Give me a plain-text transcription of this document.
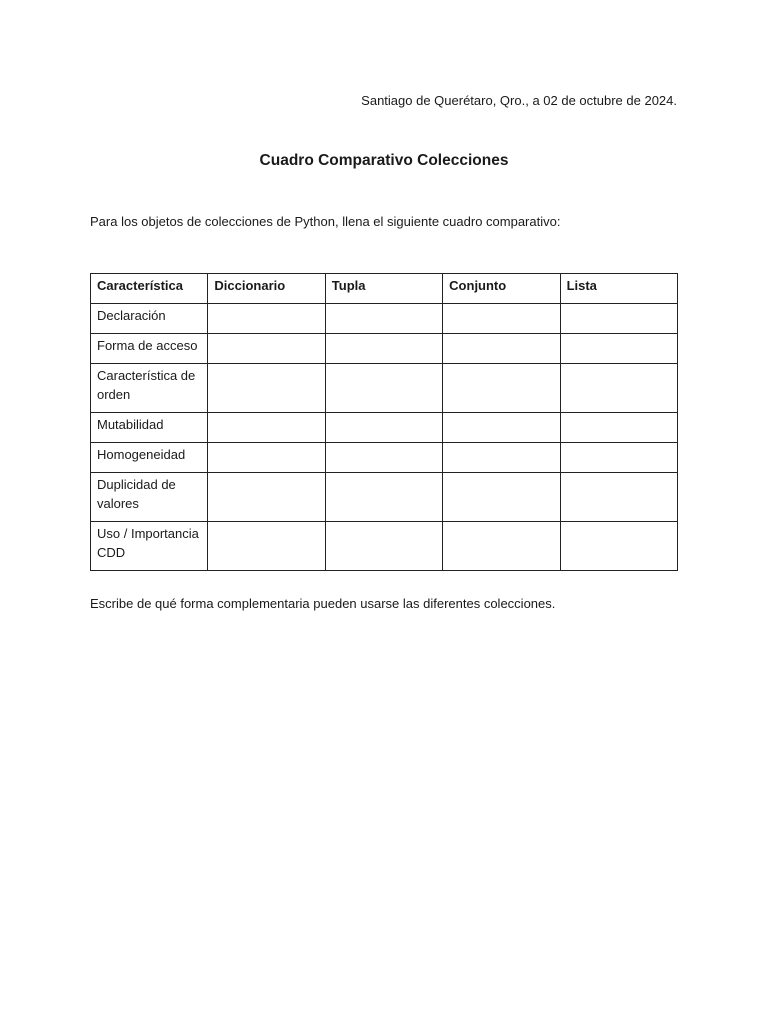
Santiago de Querétaro, Qro., a 02 de octubre de 2024.
Cuadro Comparativo Colecciones
Para los objetos de colecciones de Python, llena el siguiente cuadro comparativo:
Característica	Diccionario	Tupla	Conjunto	Lista
Declaración				
Forma de acceso				
Característica de orden				
Mutabilidad				
Homogeneidad				
Duplicidad de valores				
Uso / Importancia CDD				
Escribe de qué forma complementaria pueden usarse las diferentes colecciones.
